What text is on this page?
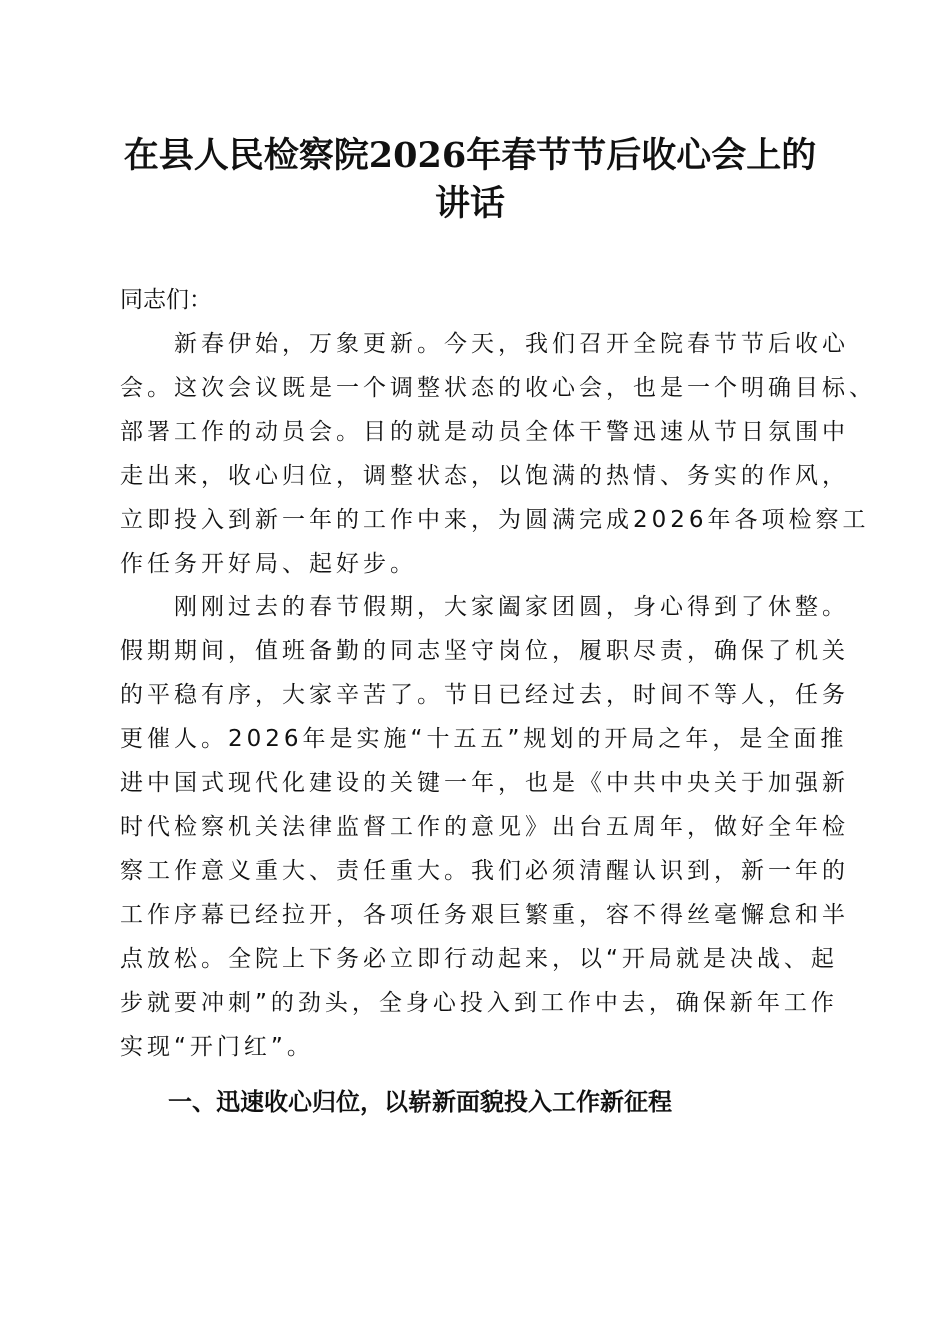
在县人民检察院2026年春节节后收心会上的
讲话

同志们：

　　新春伊始，万象更新。今天，我们召开全院春节节后收心
会。这次会议既是一个调整状态的收心会，也是一个明确目标、
部署工作的动员会。目的就是动员全体干警迅速从节日氛围中
走出来，收心归位，调整状态，以饱满的热情、务实的作风，
立即投入到新一年的工作中来，为圆满完成2026年各项检察工
作任务开好局、起好步。
　　刚刚过去的春节假期，大家阖家团圆，身心得到了休整。
假期期间，值班备勤的同志坚守岗位，履职尽责，确保了机关
的平稳有序，大家辛苦了。节日已经过去，时间不等人，任务
更催人。2026年是实施“十五五”规划的开局之年，是全面推
进中国式现代化建设的关键一年，也是《中共中央关于加强新
时代检察机关法律监督工作的意见》出台五周年，做好全年检
察工作意义重大、责任重大。我们必须清醒认识到，新一年的
工作序幕已经拉开，各项任务艰巨繁重，容不得丝毫懈怠和半
点放松。全院上下务必立即行动起来，以“开局就是决战、起
步就要冲刺”的劲头，全身心投入到工作中去，确保新年工作
实现“开门红”。
一、迅速收心归位，以崭新面貌投入工作新征程
